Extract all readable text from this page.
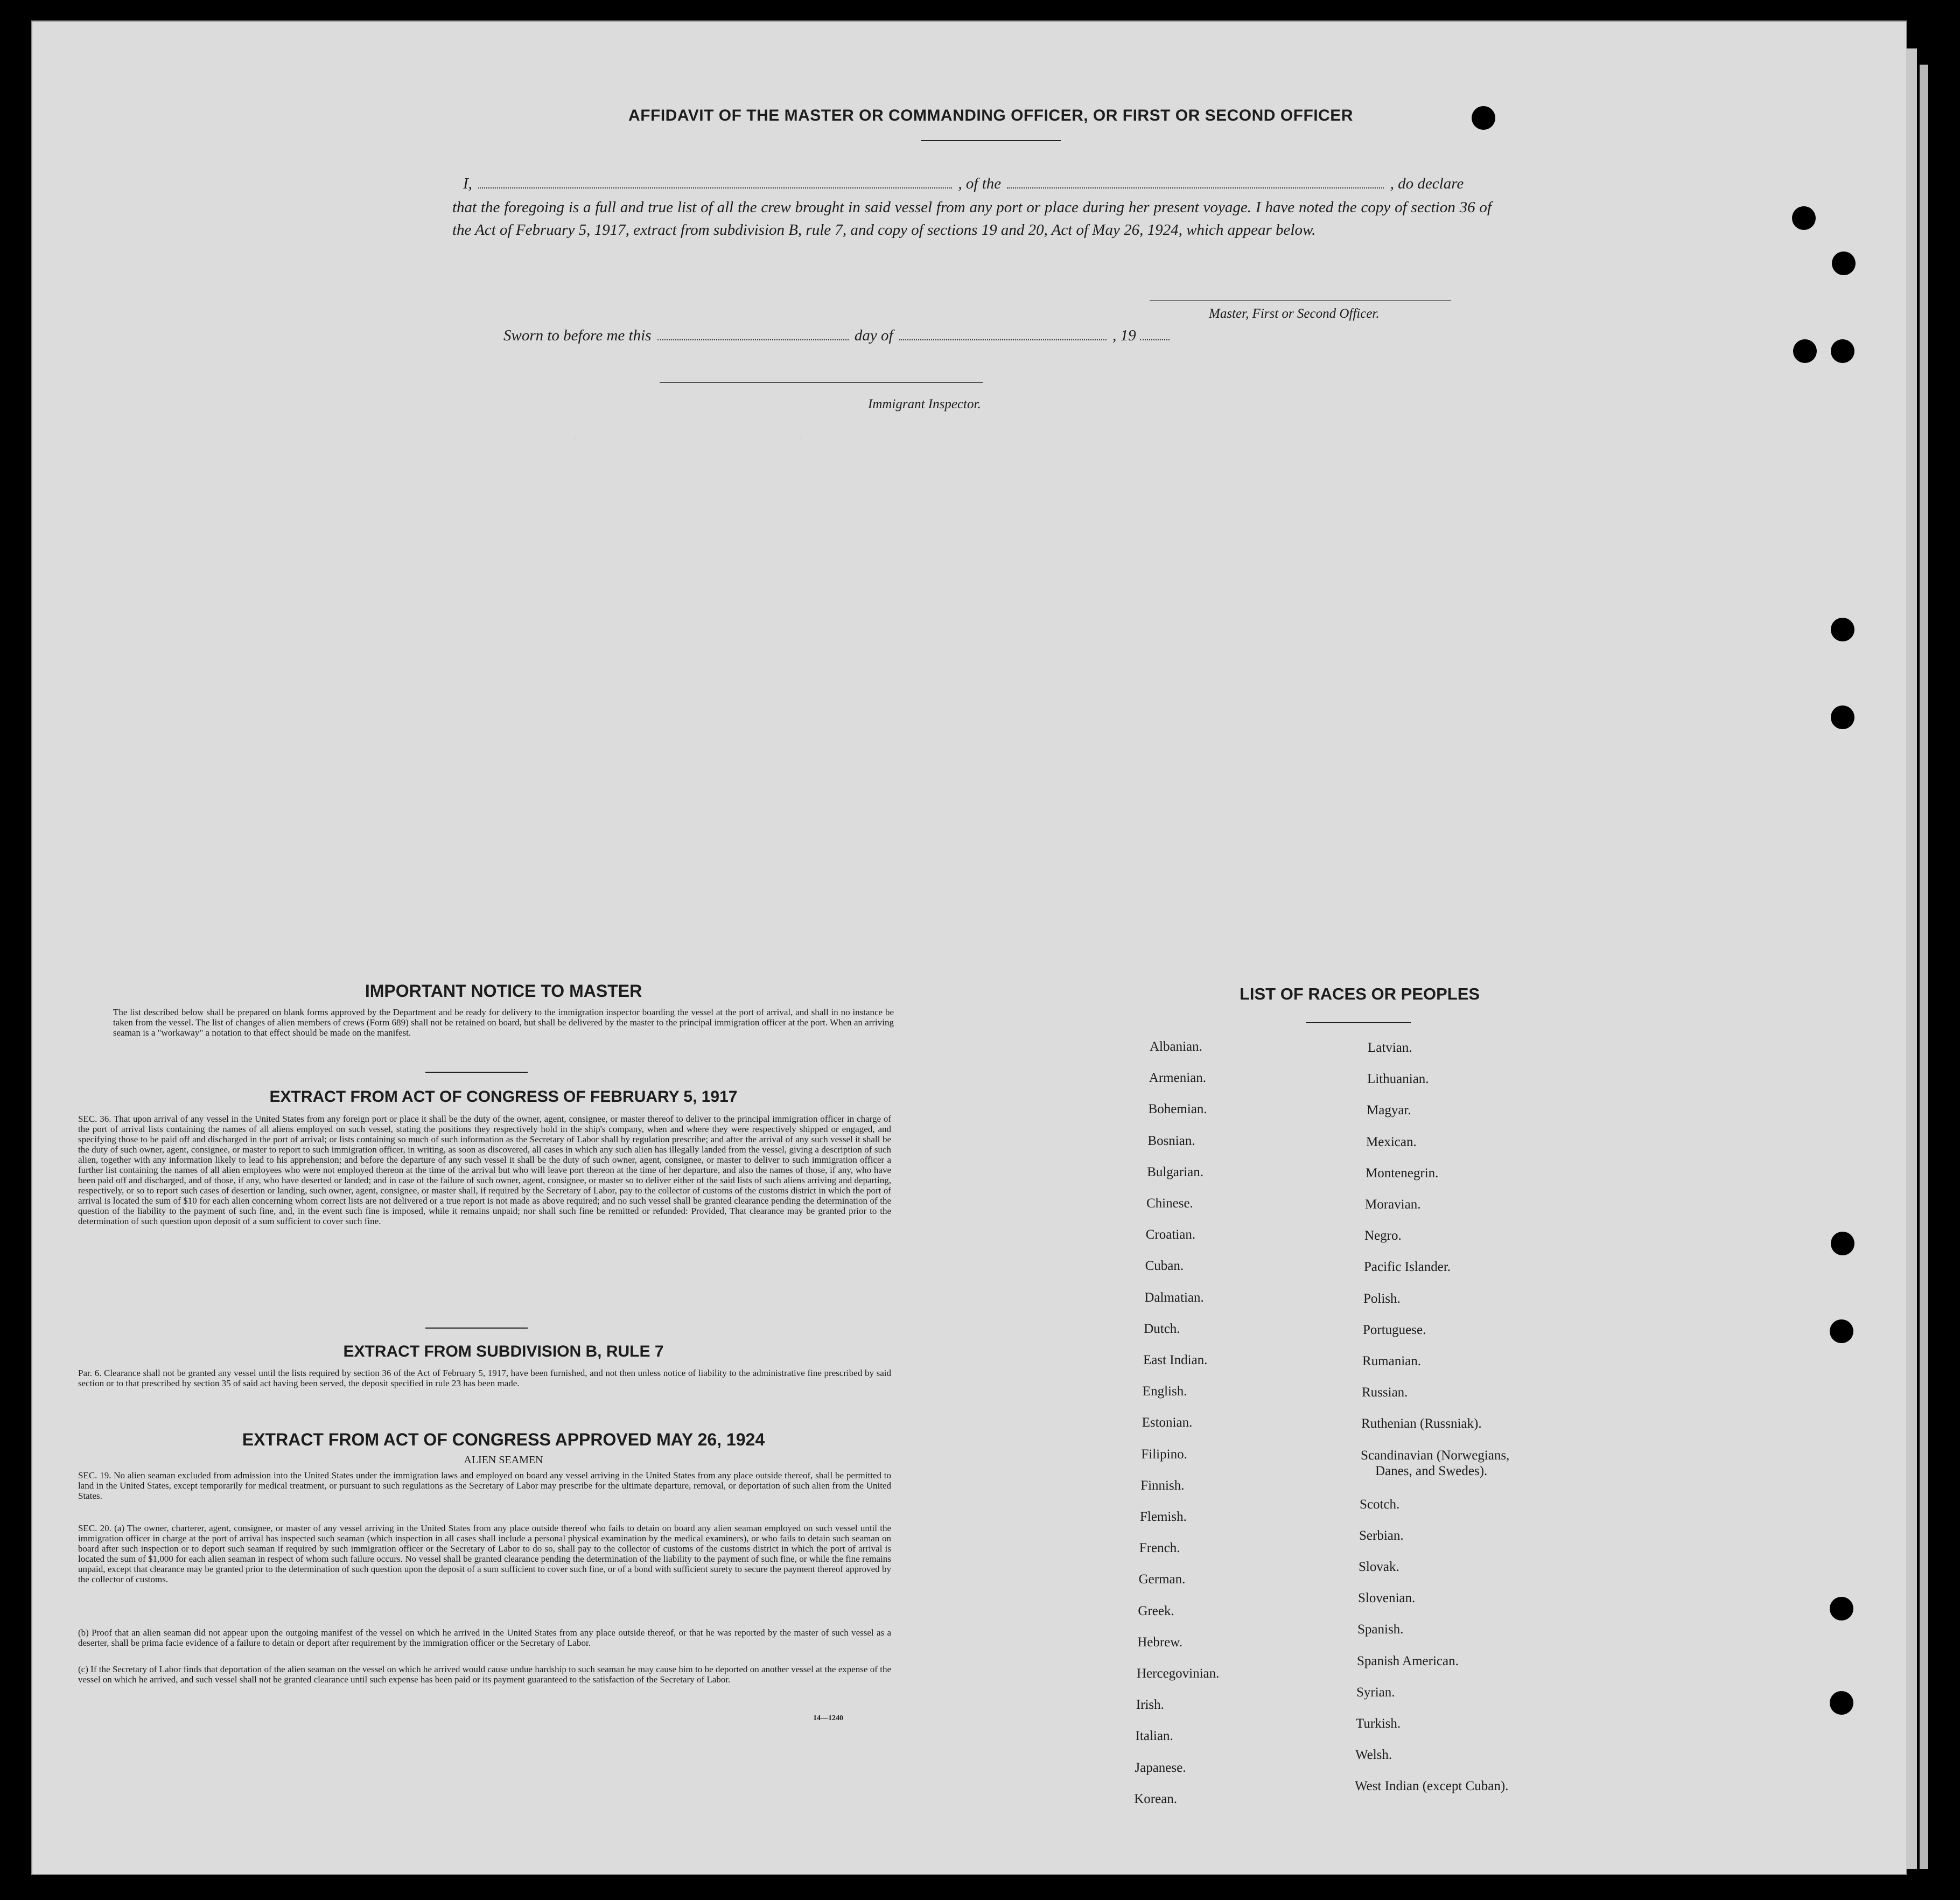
·                            ·
AFFIDAVIT OF THE MASTER OR COMMANDING OFFICER, OR FIRST OR SECOND OFFICER
I,	, of the	, do declare
that the foregoing is a full and true list of all the crew brought in said vessel from any port or place during her present voyage. I have noted the copy of section 36 of the Act of February 5, 1917, extract from subdivision B, rule 7, and copy of sections 19 and 20, Act of May 26, 1924, which appear below.
Master, First or Second Officer.
Sworn to before me this	day of	, 19
Immigrant Inspector.
IMPORTANT NOTICE TO MASTER
The list described below shall be prepared on blank forms approved by the Department and be ready for delivery to the immigration inspector boarding the vessel at the port of arrival, and shall in no instance be taken from the vessel. The list of changes of alien members of crews (Form 689) shall not be retained on board, but shall be delivered by the master to the principal immigration officer at the port. When an arriving seaman is a "workaway" a notation to that effect should be made on the manifest.
EXTRACT FROM ACT OF CONGRESS OF FEBRUARY 5, 1917
SEC. 36. That upon arrival of any vessel in the United States from any foreign port or place it shall be the duty of the owner, agent, consignee, or master thereof to deliver to the principal immigration officer in charge of the port of arrival lists containing the names of all aliens employed on such vessel, stating the positions they respectively hold in the ship's company, when and where they were respectively shipped or engaged, and specifying those to be paid off and discharged in the port of arrival; or lists containing so much of such information as the Secretary of Labor shall by regulation prescribe; and after the arrival of any such vessel it shall be the duty of such owner, agent, consignee, or master to report to such immigration officer, in writing, as soon as discovered, all cases in which any such alien has illegally landed from the vessel, giving a description of such alien, together with any information likely to lead to his apprehension; and before the departure of any such vessel it shall be the duty of such owner, agent, consignee, or master to deliver to such immigration officer a further list containing the names of all alien employees who were not employed thereon at the time of the arrival but who will leave port thereon at the time of her departure, and also the names of those, if any, who have been paid off and discharged, and of those, if any, who have deserted or landed; and in case of the failure of such owner, agent, consignee, or master so to deliver either of the said lists of such aliens arriving and departing, respectively, or so to report such cases of desertion or landing, such owner, agent, consignee, or master shall, if required by the Secretary of Labor, pay to the collector of customs of the customs district in which the port of arrival is located the sum of $10 for each alien concerning whom correct lists are not delivered or a true report is not made as above required; and no such vessel shall be granted clearance pending the determination of the question of the liability to the payment of such fine, and, in the event such fine is imposed, while it remains unpaid; nor shall such fine be remitted or refunded: Provided, That clearance may be granted prior to the determination of such question upon deposit of a sum sufficient to cover such fine.
EXTRACT FROM SUBDIVISION B, RULE 7
Par. 6. Clearance shall not be granted any vessel until the lists required by section 36 of the Act of February 5, 1917, have been furnished, and not then unless notice of liability to the administrative fine prescribed by said section or to that prescribed by section 35 of said act having been served, the deposit specified in rule 23 has been made.
EXTRACT FROM ACT OF CONGRESS APPROVED MAY 26, 1924
ALIEN SEAMEN
SEC. 19. No alien seaman excluded from admission into the United States under the immigration laws and employed on board any vessel arriving in the United States from any place outside thereof, shall be permitted to land in the United States, except temporarily for medical treatment, or pursuant to such regulations as the Secretary of Labor may prescribe for the ultimate departure, removal, or deportation of such alien from the United States.
SEC. 20. (a) The owner, charterer, agent, consignee, or master of any vessel arriving in the United States from any place outside thereof who fails to detain on board any alien seaman employed on such vessel until the immigration officer in charge at the port of arrival has inspected such seaman (which inspection in all cases shall include a personal physical examination by the medical examiners), or who fails to detain such seaman on board after such inspection or to deport such seaman if required by such immigration officer or the Secretary of Labor to do so, shall pay to the collector of customs of the customs district in which the port of arrival is located the sum of $1,000 for each alien seaman in respect of whom such failure occurs. No vessel shall be granted clearance pending the determination of the liability to the payment of such fine, or while the fine remains unpaid, except that clearance may be granted prior to the determination of such question upon the deposit of a sum sufficient to cover such fine, or of a bond with sufficient surety to secure the payment thereof approved by the collector of customs.
(b) Proof that an alien seaman did not appear upon the outgoing manifest of the vessel on which he arrived in the United States from any place outside thereof, or that he was reported by the master of such vessel as a deserter, shall be prima facie evidence of a failure to detain or deport after requirement by the immigration officer or the Secretary of Labor.
(c) If the Secretary of Labor finds that deportation of the alien seaman on the vessel on which he arrived would cause undue hardship to such seaman he may cause him to be deported on another vessel at the expense of the vessel on which he arrived, and such vessel shall not be granted clearance until such expense has been paid or its payment guaranteed to the satisfaction of the Secretary of Labor.
14—1240
LIST OF RACES OR PEOPLES
Albanian.
Armenian.
Bohemian.
Bosnian.
Bulgarian.
Chinese.
Croatian.
Cuban.
Dalmatian.
Dutch.
East Indian.
English.
Estonian.
Filipino.
Finnish.
Flemish.
French.
German.
Greek.
Hebrew.
Hercegovinian.
Irish.
Italian.
Japanese.
Korean.
Latvian.
Lithuanian.
Magyar.
Mexican.
Montenegrin.
Moravian.
Negro.
Pacific Islander.
Polish.
Portuguese.
Rumanian.
Russian.
Ruthenian (Russniak).
Scandinavian (Norwegians,
Danes, and Swedes).
Scotch.
Serbian.
Slovak.
Slovenian.
Spanish.
Spanish American.
Syrian.
Turkish.
Welsh.
West Indian (except Cuban).
